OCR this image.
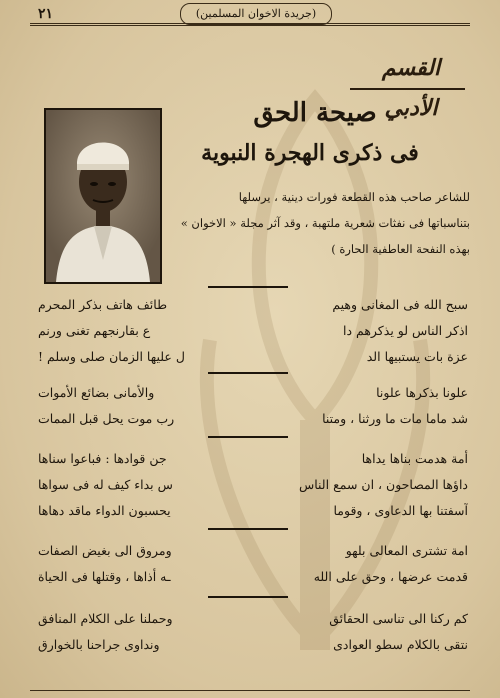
٢١	(جريدة الاخوان المسلمين)
القسم الأدبي
صيحة الحق
فى ذكرى الهجرة النبوية

للشاعر صاحب هذه القطعة فورات دينية ، يرسلها

بتناسباتها فى نفثات شعرية ملتهبة ، وقد آثر مجلة « الاخوان »

بهذه النفحة العاطفية الحارة )

سبح الله فى المغانى وهيم
طائف هاتف بذكر المحرم
اذكر الناس لو يذكرهم دا
ع بقارنجهم تغنى ورنم
عزة بات يستبيها الد
ل عليها الزمان صلى وسلم !
علونا بذكرها علونا
والأمانى بضائع الأموات
شد ماما مات ما ورثنا ، ومتنا
رب موت يحل قبل الممات
أمة هدمت بناها يداها
جن قوادها : فباعوا سناها
داؤها المصاحون ، ان سمع الناس
س بداء كيف له فى سواها
آسفتنا بها الدعاوى ، وقوما
يحسبون الدواء ماقد دهاها
امة تشترى المعالى بلهو
ومروق الى بغيض الصفات
قدمت عرضها ، وحق على الله
ـه أذاها ، وقتلها فى الحياة
كم ركنا الى تناسى الحقائق
وحملنا على الكلام المنافق
نتقى بالكلام سطو العوادى
ونداوى جراحنا بالخوارق
